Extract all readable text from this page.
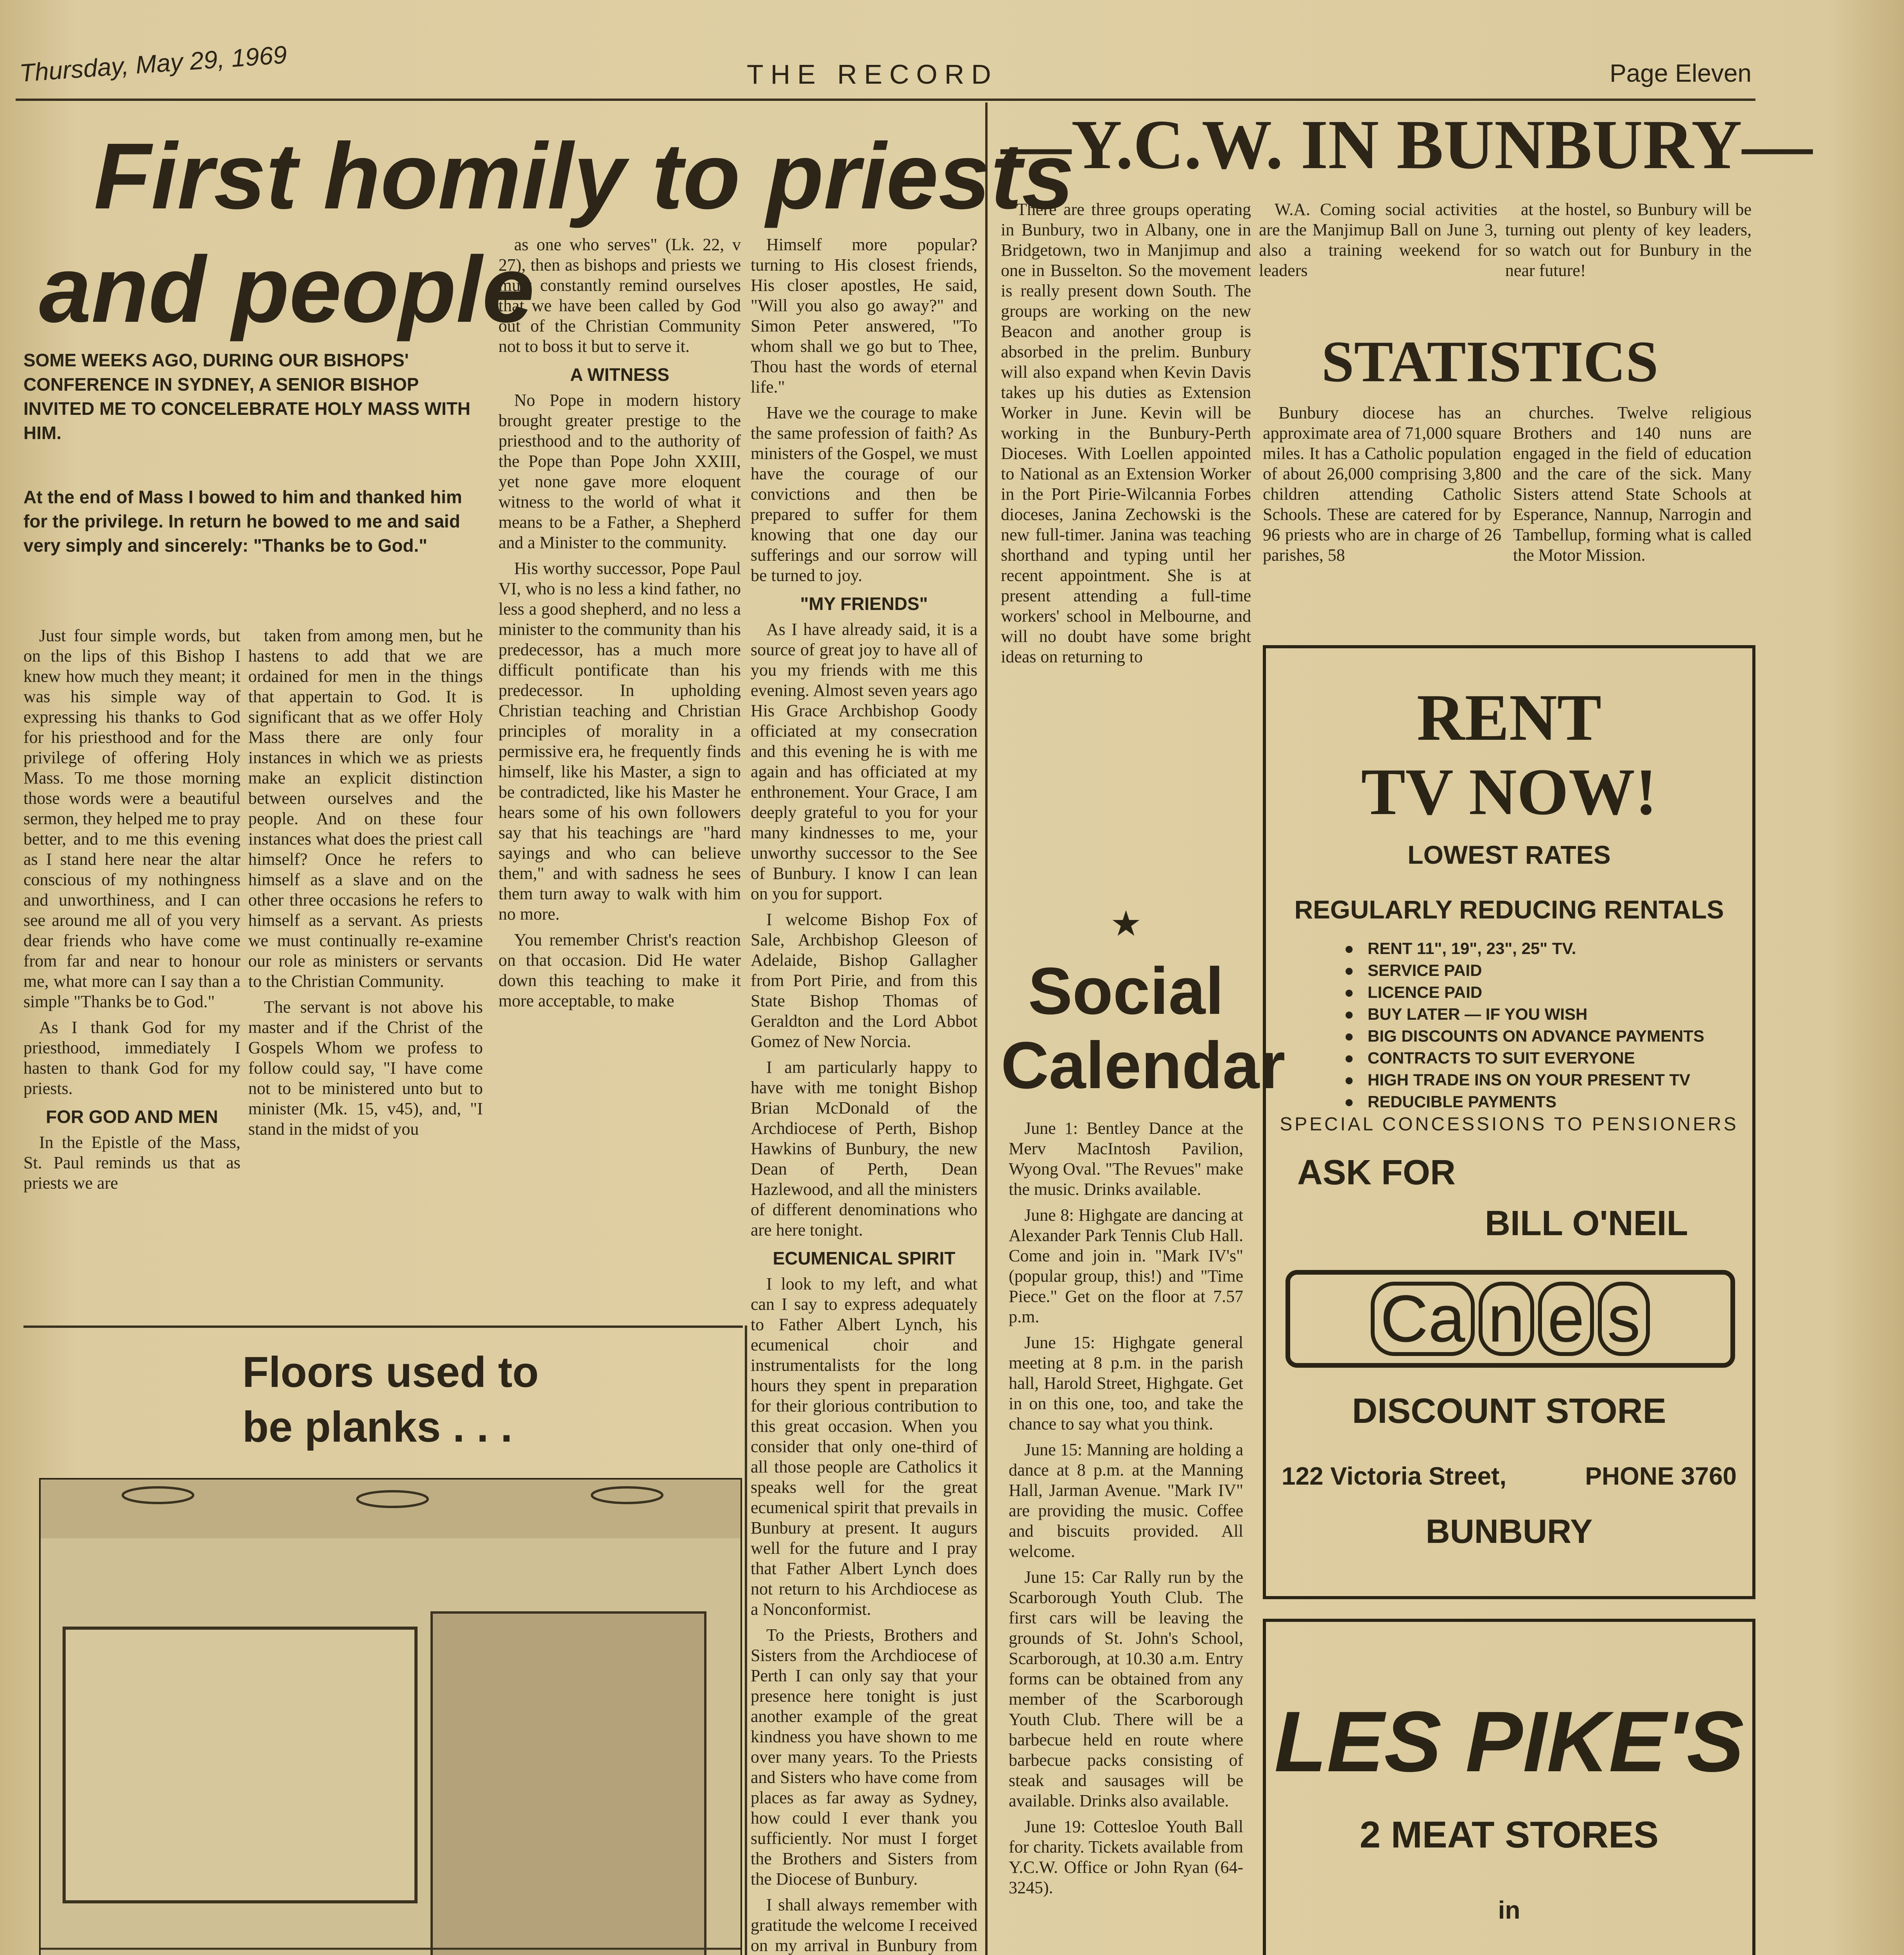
Thursday, May 29, 1969	THE RECORD	Page Eleven
First homily to priests
and people
SOME WEEKS AGO, DURING OUR BISHOPS' CONFERENCE IN SYDNEY, A SENIOR BISHOP INVITED ME TO CONCELEBRATE HOLY MASS WITH HIM.
At the end of Mass I bowed to him and thanked him for the privilege. In return he bowed to me and said very simply and sincerely: "Thanks be to God."

Just four simple words, but on the lips of this Bishop I knew how much they meant; it was his simple way of expressing his thanks to God for his priesthood and for the privilege of offering Holy Mass. To me those morning those words were a beautiful sermon, they helped me to pray better, and to me this evening as I stand here near the altar conscious of my nothingness and unworthiness, and I can see around me all of you very dear friends who have come from far and near to honour me, what more can I say than a simple "Thanks be to God."

As I thank God for my priesthood, immediately I hasten to thank God for my priests.

FOR GOD AND MEN

In the Epistle of the Mass, St. Paul reminds us that as priests we are

taken from among men, but he hastens to add that we are ordained for men in the things that appertain to God. It is significant that as we offer Holy Mass there are only four instances in which we as priests make an explicit distinction between ourselves and the people. And on these four instances what does the priest call himself? Once he refers to himself as a slave and on the other three occasions he refers to himself as a servant. As priests we must continually re-examine our role as ministers or servants to the Christian Community.

The servant is not above his master and if the Christ of the Gospels Whom we profess to follow could say, "I have come not to be ministered unto but to minister (Mk. 15, v45), and, "I stand in the midst of you

as one who serves" (Lk. 22, v 27), then as bishops and priests we must constantly remind ourselves that we have been called by God out of the Christian Community not to boss it but to serve it.

A WITNESS

No Pope in modern history brought greater prestige to the priesthood and to the authority of the Pope than Pope John XXIII, yet none gave more eloquent witness to the world of what it means to be a Father, a Shepherd and a Minister to the community.

His worthy successor, Pope Paul VI, who is no less a kind father, no less a good shepherd, and no less a minister to the community than his predecessor, has a much more difficult pontificate than his predecessor. In upholding Christian teaching and Christian principles of morality in a permissive era, he frequently finds himself, like his Master, a sign to be contradicted, like his Master he hears some of his own followers say that his teachings are "hard sayings and who can believe them," and with sadness he sees them turn away to walk with him no more.

You remember Christ's reaction on that occasion. Did He water down this teaching to make it more acceptable, to make

Himself more popular? turning to His closest friends, His closer apostles, He said, "Will you also go away?" and Simon Peter answered, "To whom shall we go but to Thee, Thou hast the words of eternal life."

Have we the courage to make the same profession of faith? As ministers of the Gospel, we must have the courage of our convictions and then be prepared to suffer for them knowing that one day our sufferings and our sorrow will be turned to joy.

"MY FRIENDS"

As I have already said, it is a source of great joy to have all of you my friends with me this evening. Almost seven years ago His Grace Archbishop Goody officiated at my consecration and this evening he is with me again and has officiated at my enthronement. Your Grace, I am deeply grateful to you for your many kindnesses to me, your unworthy successor to the See of Bunbury. I know I can lean on you for support.

I welcome Bishop Fox of Sale, Archbishop Gleeson of Adelaide, Bishop Gallagher from Port Pirie, and from this State Bishop Thomas of Geraldton and the Lord Abbot Gomez of New Norcia.

I am particularly happy to have with me tonight Bishop Brian McDonald of the Archdiocese of Perth, Bishop Hawkins of Bunbury, the new Dean of Perth, Dean Hazlewood, and all the ministers of different denominations who are here tonight.

ECUMENICAL SPIRIT

I look to my left, and what can I say to express adequately to Father Albert Lynch, his ecumenical choir and instrumentalists for the long hours they spent in preparation for their glorious contribution to this great occasion. When you consider that only one-third of all those people are Catholics it speaks well for the great ecumenical spirit that prevails in Bunbury at present. It augurs well for the future and I pray that Father Albert Lynch does not return to his Archdiocese as a Nonconformist.

To the Priests, Brothers and Sisters from the Archdiocese of Perth I can only say that your presence here tonight is just another example of the great kindness you have shown to me over many years. To the Priests and Sisters who have come from places as far away as Sydney, how could I ever thank you sufficiently. Nor must I forget the Brothers and Sisters from the Diocese of Bunbury.

I shall always remember with gratitude the welcome I received on my arrival in Bunbury from

Floors used to be planks . . .
—Y.C.W. IN BUNBURY—

There are three groups operating in Bunbury, two in Albany, one in Bridgetown, two in Manjimup and one in Busselton. So the movement is really present down South. The groups are working on the new Beacon and another group is absorbed in the prelim. Bunbury will also expand when Kevin Davis takes up his duties as Extension Worker in June. Kevin will be working in the Bunbury-Perth Dioceses. With Loellen appointed to National as an Extension Worker in the Port Pirie-Wilcannia Forbes dioceses, Janina Zechowski is the new full-timer. Janina was teaching shorthand and typing until her recent appointment. She is at present attending a full-time workers' school in Melbourne, and will no doubt have some bright ideas on returning to

W.A. Coming social activities are the Manjimup Ball on June 3, also a training weekend for leaders

at the hostel, so Bunbury will be turning out plenty of key leaders, so watch out for Bunbury in the near future!

STATISTICS

Bunbury diocese has an approximate area of 71,000 square miles. It has a Catholic population of about 26,000 comprising 3,800 children attending Catholic Schools. These are catered for by 96 priests who are in charge of 26 parishes, 58

churches. Twelve religious Brothers and 140 nuns are engaged in the field of education and the care of the sick. Many Sisters attend State Schools at Esperance, Nannup, Narrogin and Tambellup, forming what is called the Motor Mission.

★
Social
Calendar

June 1: Bentley Dance at the Merv MacIntosh Pavilion, Wyong Oval. "The Revues" make the music. Drinks available.

June 8: Highgate are dancing at Alexander Park Tennis Club Hall. Come and join in. "Mark IV's" (popular group, this!) and "Time Piece." Get on the floor at 7.57 p.m.

June 15: Highgate general meeting at 8 p.m. in the parish hall, Harold Street, Highgate. Get in on this one, too, and take the chance to say what you think.

June 15: Manning are holding a dance at 8 p.m. at the Manning Hall, Jarman Avenue. "Mark IV" are providing the music. Coffee and biscuits provided. All welcome.

June 15: Car Rally run by the Scarborough Youth Club. The first cars will be leaving the grounds of St. John's School, Scarborough, at 10.30 a.m. Entry forms can be obtained from any member of the Scarborough Youth Club. There will be a barbecue held en route where barbecue packs consisting of steak and sausages will be available. Drinks also available.

June 19: Cottesloe Youth Ball for charity. Tickets available from Y.C.W. Office or John Ryan (64-3245).

RENT
TV NOW!
LOWEST RATES
REGULARLY REDUCING RENTALS
● RENT 11", 19", 23", 25" TV.
● SERVICE PAID
● LICENCE PAID
● BUY LATER — IF YOU WISH
● BIG DISCOUNTS ON ADVANCE PAYMENTS
● CONTRACTS TO SUIT EVERYONE
● HIGH TRADE INS ON YOUR PRESENT TV
● REDUCIBLE PAYMENTS
SPECIAL CONCESSIONS TO PENSIONERS
ASK FOR
BILL O'NEIL
Ca n e s
DISCOUNT STORE
122 Victoria Street,	PHONE 3760
BUNBURY
LES PIKE'S
2 MEAT STORES
in
